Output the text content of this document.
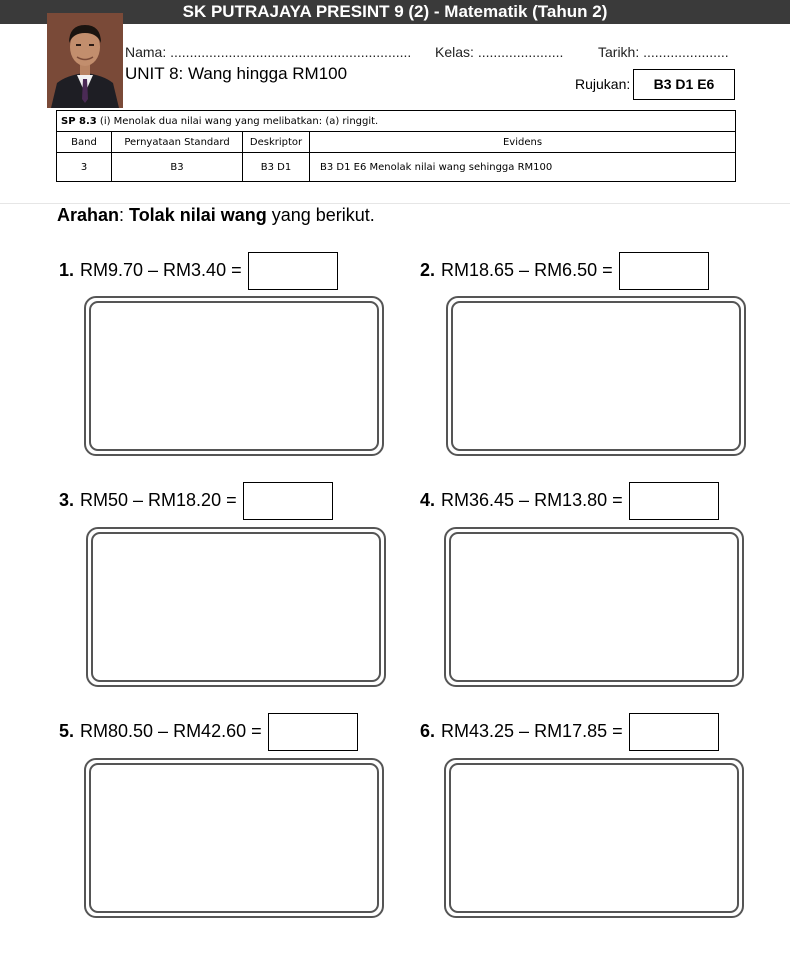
SK PUTRAJAYA PRESINT 9 (2) - Matematik (Tahun 2)
Nama: .............................................................. Kelas: ...................... Tarikh: ......................
UNIT 8: Wang hingga RM100
Rujukan:	B3 D1 E6
SP 8.3 (i) Menolak dua nilai wang yang melibatkan: (a) ringgit.			
Band	Pernyataan Standard	Deskriptor	Evidens
3	B3	B3 D1	B3 D1 E6 Menolak nilai wang sehingga RM100
Arahan: Tolak nilai wang yang berikut.
1. RM9.70 – RM3.40 =	2. RM18.65 – RM6.50 =
3. RM50 – RM18.20 =	4. RM36.45 – RM13.80 =
5. RM80.50 – RM42.60 =	6. RM43.25 – RM17.85 =
